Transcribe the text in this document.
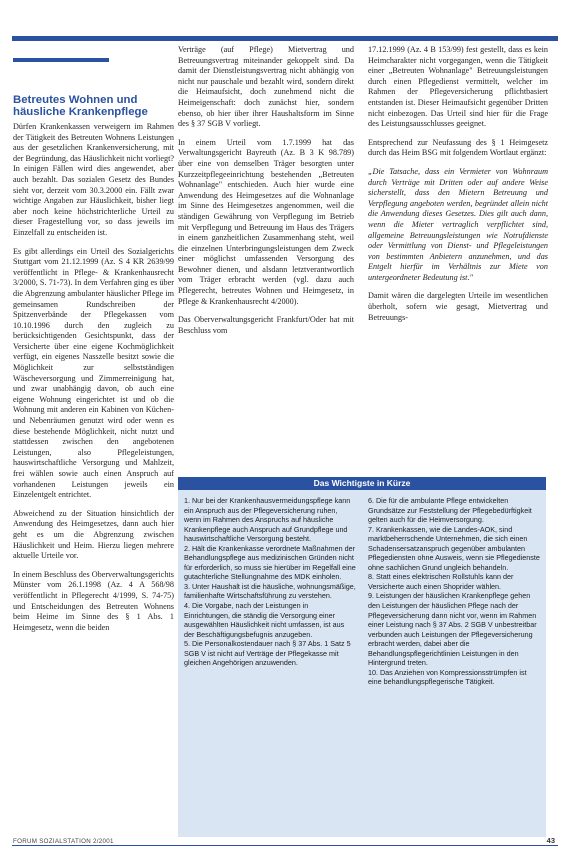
Betreutes Wohnen und häusliche Krankenpflege

Dürfen Krankenkassen verweigern im Rahmen der Tätigkeit des Betreuten Wohnens Leistungen aus der gesetzlichen Krankenversicherung, mit der Begründung, das Häuslichkeit nicht vorliegt? In einigen Fällen wird dies angewendet, aber auch bezahlt. Das sozialen Gesetz des Bundes sieht vor, derzeit vom 30.3.2000 ein. Fällt zwar wichtige Angaben zur Häuslichkeit, bisher liegt aber noch keine höchstrichterliche Urteil zu dieser Fragestellung vor, so dass jeweils im Einzelfall zu entscheiden ist.

Es gibt allerdings ein Urteil des Sozialgerichts Stuttgart vom 21.12.1999 (Az. S 4 KR 2639/99 veröffentlicht in Pflege- & Krankenhausrecht 3/2000, S. 71-73). In dem Verfahren ging es über die Abgrenzung ambulanter häuslicher Pflege im gemeinsamen Rundschreiben der Spitzenverbände der Pflegekassen vom 10.10.1996 durch den zugleich zu berücksichtigenden Gesichtspunkt, dass der Versicherte über eine eigene Kochmöglichkeit verfügt, ein eigenes Nasszelle besitzt sowie die Möglichkeit zur selbstständigen Wäscheversorgung und Zimmerreinigung hat, und zwar unabhängig davon, ob auch eine eigene Wohnung eingerichtet ist und ob die Wohnung mit anderen ein Kabinen von Küchen- und Nebenräumen genutzt wird oder wenn es diese bestehende Möglichkeit, nicht nutzt und stattdessen zwischen den angebotenen Leistungen, also Pflegeleistungen, hauswirtschaftliche Versorgung und Mahlzeit, frei wählen sowie auch einen Anspruch auf vorhandenen Leistungen jeweils ein Einzelentgelt entrichtet.

Abweichend zu der Situation hinsichtlich der Anwendung des Heimgesetzes, dann auch hier geht es um die Abgrenzung zwischen Häuslichkeit und Heim. Hierzu liegen mehrere aktuelle Urteile vor.

In einem Beschluss des Oberverwaltungsgerichts Münster vom 26.1.1998 (Az. 4 A 568/98 veröffentlicht in Pflegerecht 4/1999, S. 74-75) und Entscheidungen des Betreuten Wohnens beim Heime im Sinne des § 1 Abs. 1 Heimgesetz, wenn die beiden

Verträge (auf Pflege) Mietvertrag und Betreuungsvertrag miteinander gekoppelt sind. Da damit der Dienstleistungsvertrag nicht abhängig von nicht nur pauschale und bezahlt wird, sondern direkt die Heimaufsicht, doch zunehmend nicht die Heimeigenschaft: doch zunächst hier, sondern ebenso, ob hier über ihrer Haushaltsform im Sinne des § 37 SGB V vorliegt.

In einem Urteil vom 1.7.1999 hat das Verwaltungsgericht Bayreuth (Az. B 3 K 98.789) über eine von demselben Träger besorgten unter Kurzzeitpflegeeinrichtung bestehenden „Betreuten Wohnanlage" entschieden. Auch hier wurde eine Anwendung des Heimgesetzes auf die Wohnanlage im Sinne des Heimgesetzes angenommen, weil die ständigen Gewährung von Verpflegung im Betrieb mit Verpflegung und Betreuung im Haus des Trägers in einem ganzheitlichen Zusammenhang steht, weil die einzelnen Unterbringungsleistungen dem Zweck einer möglichst umfassenden Versorgung des Bewohner dienen, und alsdann letztverantwortlich vom Träger erbracht werden (vgl. dazu auch Pflegerecht, betreutes Wohnen und Heimgesetz, in Pflege & Krankenhausrecht 4/2000).

Das Oberverwaltungsgericht Frankfurt/Oder hat mit Beschluss vom

17.12.1999 (Az. 4 B 153/99) fest gestellt, dass es kein Heimcharakter nicht vorgegangen, wenn die Tätigkeit einer „Betreuten Wohnanlage" Betreuungsleistungen durch einen Pflegedienst vermittelt, welcher im Rahmen der Pflegeversicherung pflichtbasiert entstanden ist. Dieser Heimaufsicht gegenüber Dritten nicht einbezogen. Das Urteil sind hier für die Frage des Leistungsausschlusses geeignet.

Entsprechend zur Neufassung des § 1 Heimgesetz durch das Heim BSG mit folgendem Wortlaut ergänzt:

„Die Tatsache, dass ein Vermieter von Wohnraum durch Verträge mit Dritten oder auf andere Weise sicherstellt, dass den Mietern Betreuung und Verpflegung angeboten werden, begründet allein nicht die Anwendung dieses Gesetzes. Dies gilt auch dann, wenn die Mieter vertraglich verpflichtet sind, allgemeine Betreuungsleistungen wie Notrufdienste oder Vermittlung von Dienst- und Pflegeleistungen von bestimmten Anbietern anzunehmen, und das Entgelt hierfür im Verhältnis zur Miete von untergeordneter Bedeutung ist."

Damit wären die dargelegten Urteile im wesentlichen überholt, sofern wie gesagt, Mietvertrag und Betreuungs-

Das Wichtigste in Kürze
1. Nur bei der Krankenhausvermeidungspflege kann ein Anspruch aus der Pflegeversicherung ruhen, wenn im Rahmen des Anspruchs auf häusliche Krankenpflege auch Anspruch auf Grundpflege und hauswirtschaftliche Versorgung besteht.
2. Hält die Krankenkasse verordnete Maßnahmen der Behandlungspflege aus medizinischen Gründen nicht für erforderlich, so muss sie hierüber im Regelfall eine gutachterliche Stellungnahme des MDK einholen.
3. Unter Haushalt ist die häusliche, wohnungsmäßige, familienhafte Wirtschaftsführung zu verstehen.
4. Die Vorgabe, nach der Leistungen in Einrichtungen, die ständig die Versorgung einer ausgewählten Häuslichkeit nicht umfassen, ist aus der Beschäftigungsbefugnis anzugeben.
5. Die Personalkostendauer nach § 37 Abs. 1 Satz 5 SGB V ist nicht auf Verträge der Pflegekasse mit gleichen Angehörigen anzuwenden.
6. Die für die ambulante Pflege entwickelten Grundsätze zur Feststellung der Pflegebedürftigkeit gelten auch für die Heimversorgung.
7. Krankenkassen, wie die Landes-AOK, sind marktbeherrschende Unternehmen, die sich einen Schadensersatzanspruch gegenüber ambulanten Pflegediensten ohne Ausweis, wenn sie Pflegedienste ohne sachlichen Grund ungleich behandeln.
8. Statt eines elektrischen Rollstuhls kann der Versicherte auch einen Shoprider wählen.
9. Leistungen der häuslichen Krankenpflege gehen den Leistungen der häuslichen Pflege nach der Pflegeversicherung dann nicht vor, wenn im Rahmen einer Leistung nach § 37 Abs. 2 SGB V unbestreitbar verbunden auch Leistungen der Pflegeversicherung erbracht werden, dabei aber die Behandlungspflegerichtlinien Leistungen in den Hintergrund treten.
10. Das Anziehen von Kompressionsstrümpfen ist eine behandlungspflegerische Tätigkeit.
FORUM SOZIALSTATION 2/2001	43
